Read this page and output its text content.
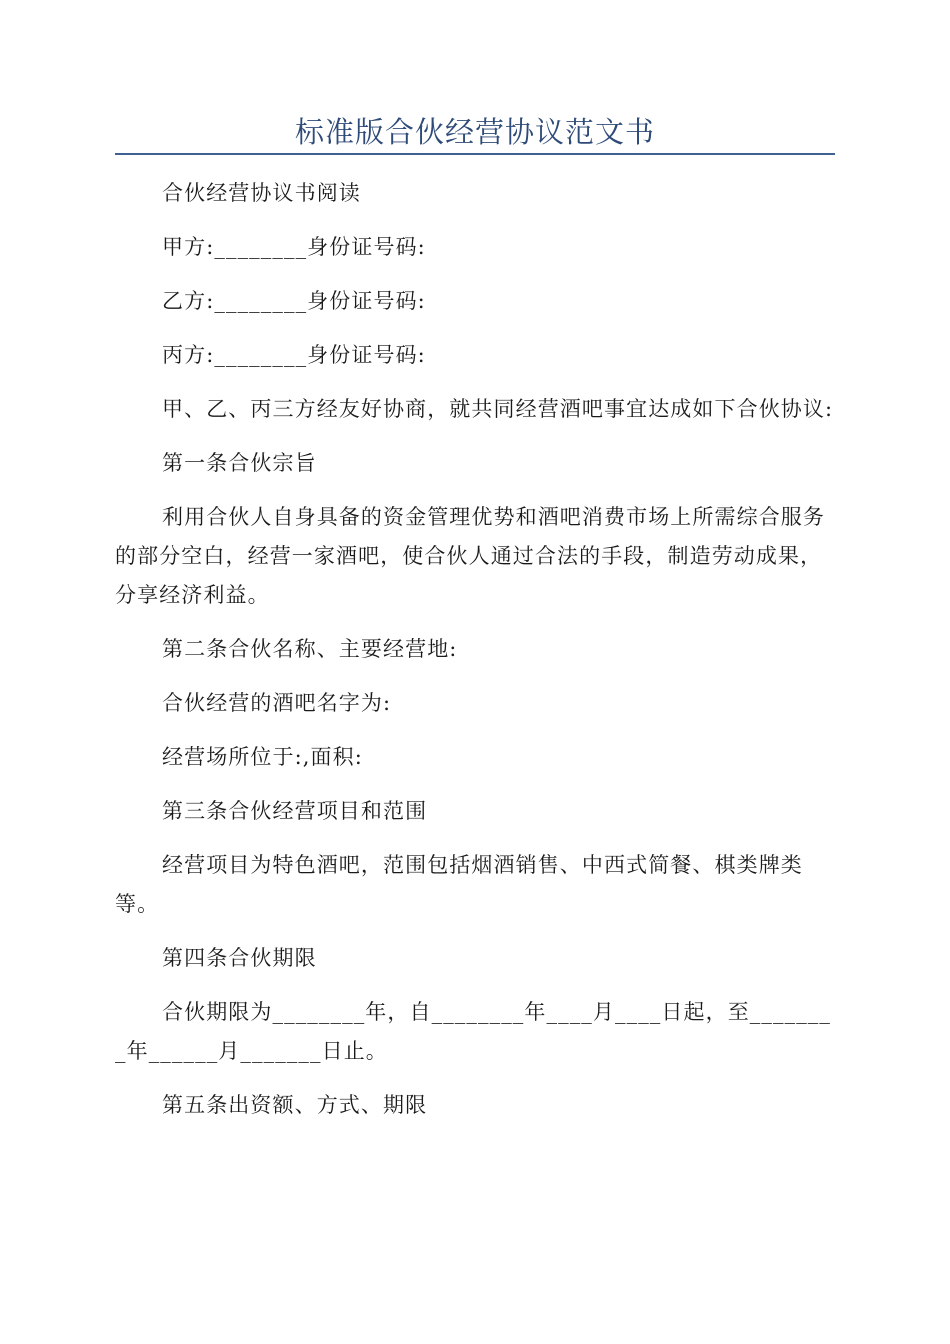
标准版合伙经营协议范文书

合伙经营协议书阅读

甲方:________身份证号码:

乙方:________身份证号码:

丙方:________身份证号码:

甲、乙、丙三方经友好协商，就共同经营酒吧事宜达成如下合伙协议:

第一条合伙宗旨

利用合伙人自身具备的资金管理优势和酒吧消费市场上所需综合服务的部分空白，经营一家酒吧，使合伙人通过合法的手段，制造劳动成果，分享经济利益。

第二条合伙名称、主要经营地:

合伙经营的酒吧名字为:

经营场所位于:,面积:

第三条合伙经营项目和范围

经营项目为特色酒吧，范围包括烟酒销售、中西式简餐、棋类牌类等。

第四条合伙期限

合伙期限为________年，自________年____月____日起，至________年______月_______日止。

第五条出资额、方式、期限
